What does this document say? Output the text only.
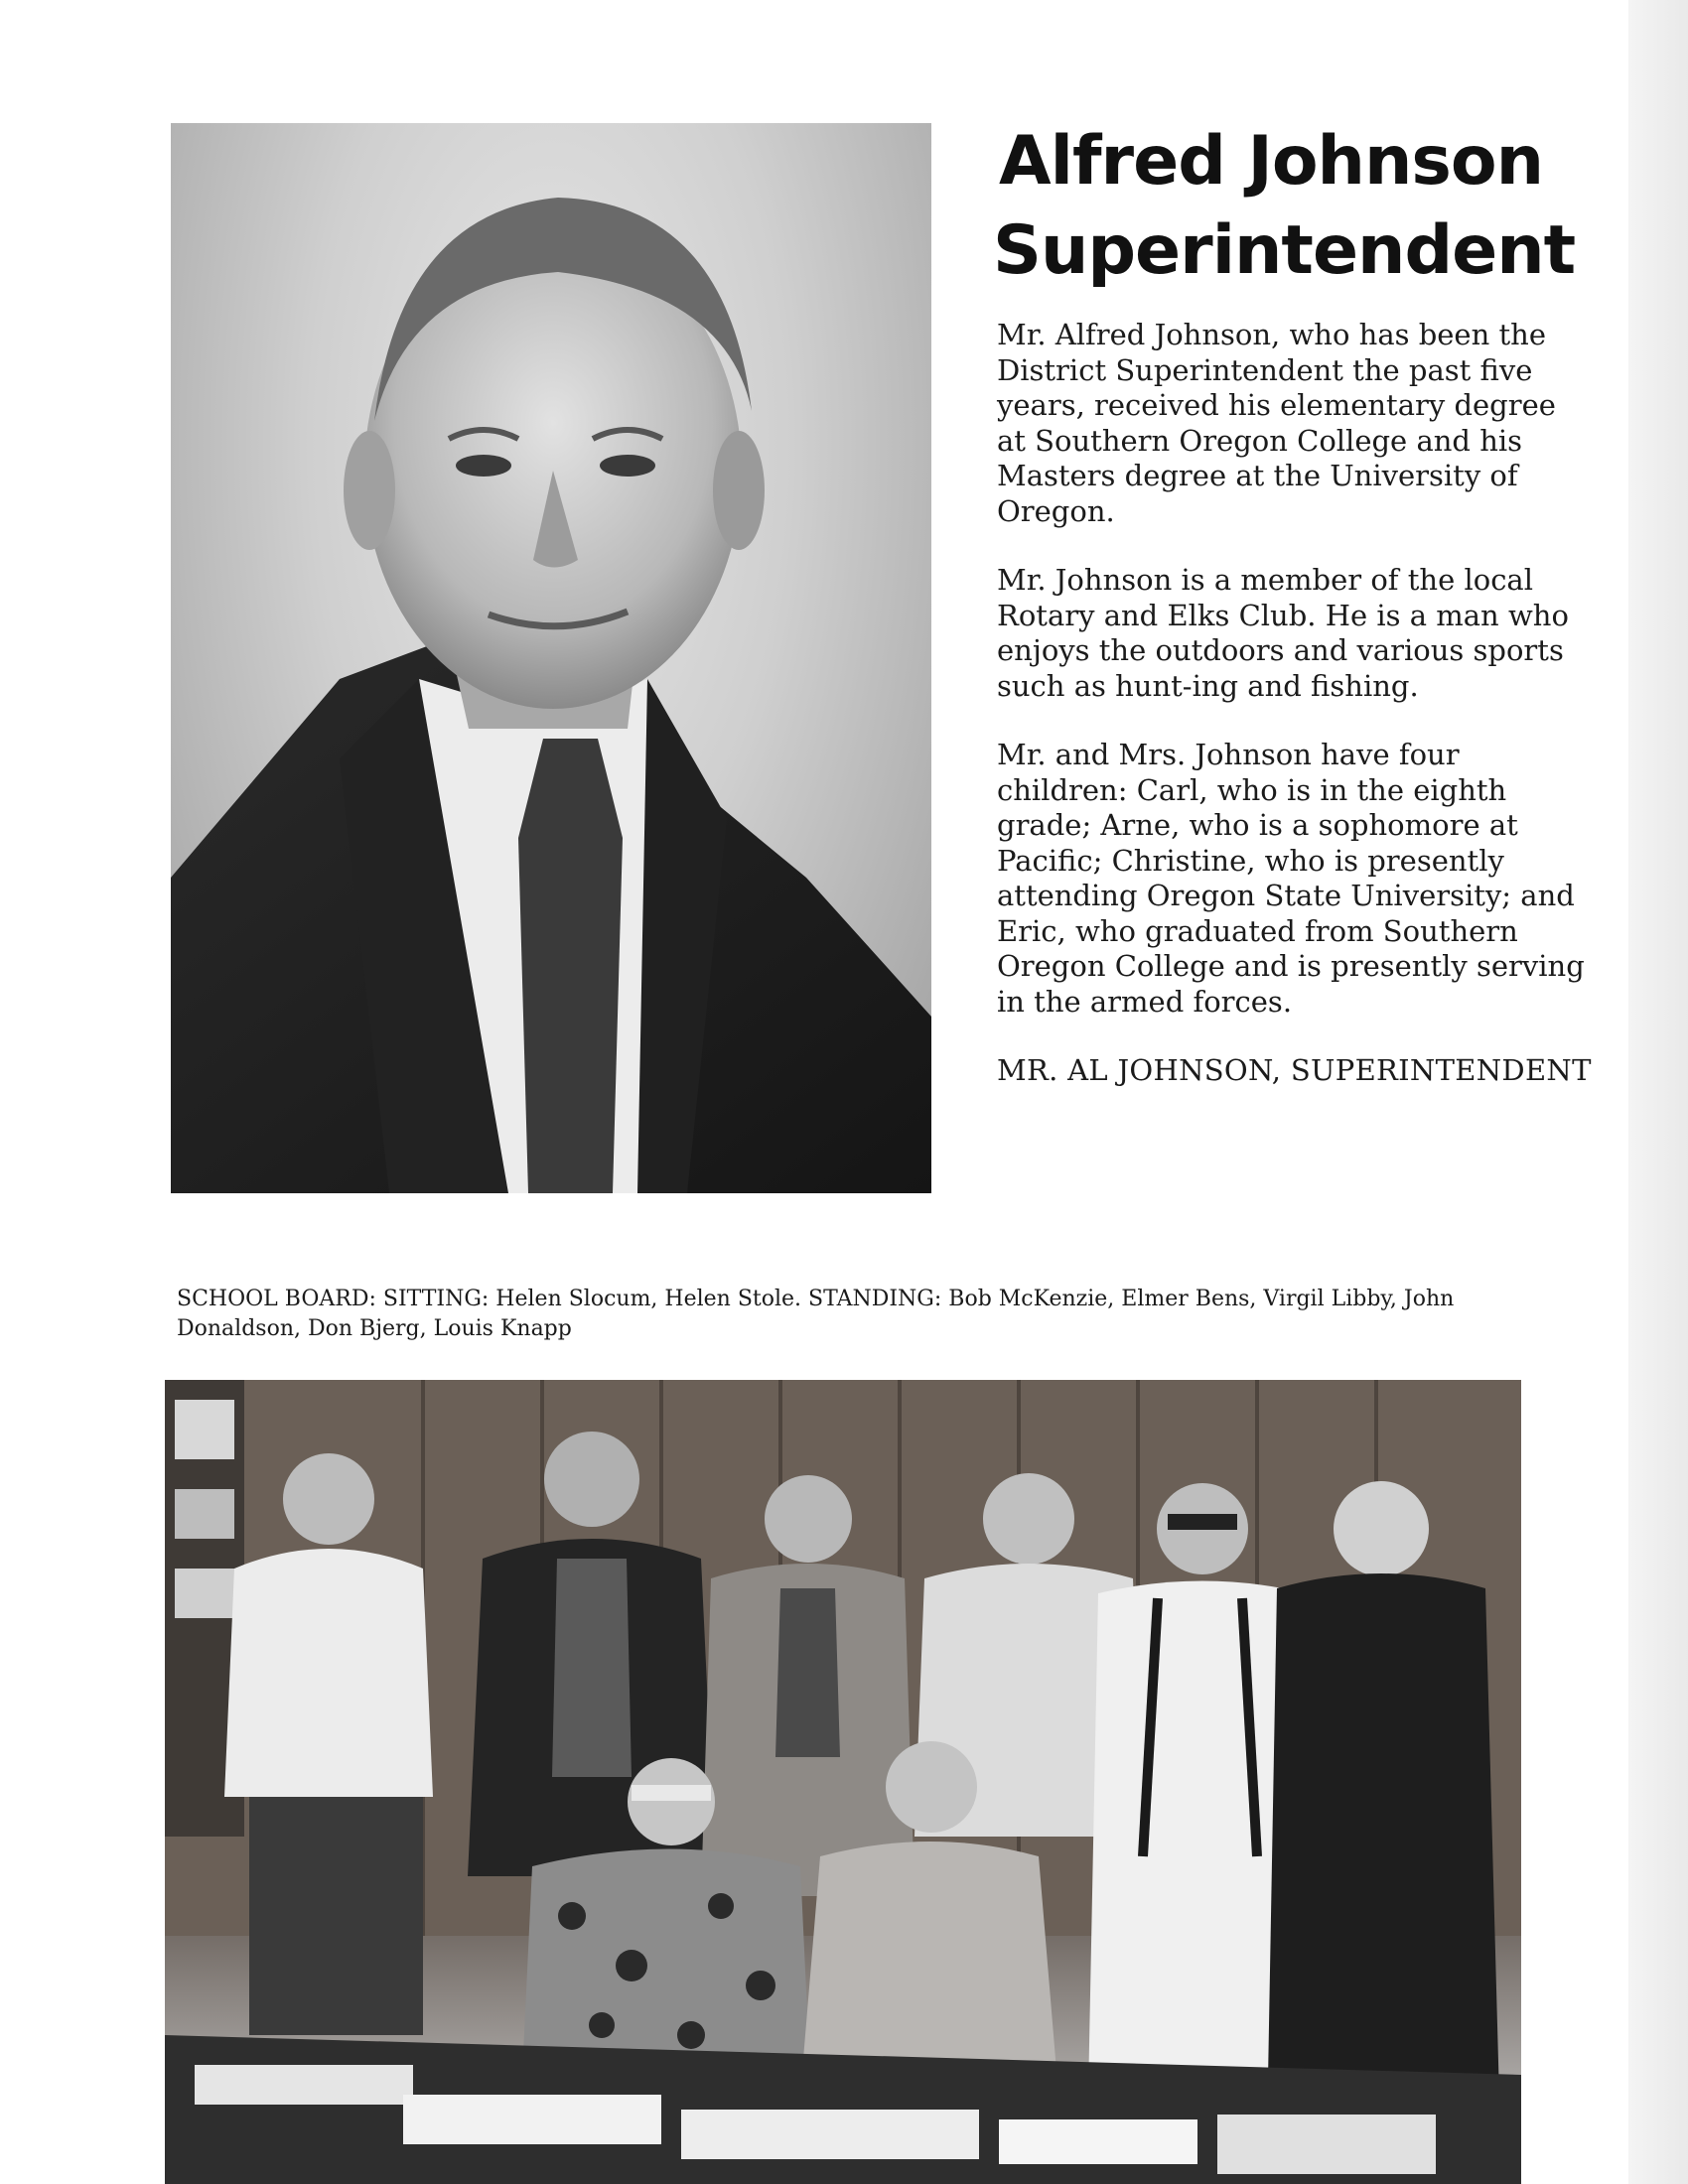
Alfred Johnson
Superintendent

Mr. Alfred Johnson, who has been the District Superintendent the past five years, received his elementary degree at Southern Oregon College and his Masters degree at the University of Oregon.

Mr. Johnson is a member of the local Rotary and Elks Club. He is a man who enjoys the outdoors and various sports such as hunt-ing and fishing.

Mr. and Mrs. Johnson have four children: Carl, who is in the eighth grade; Arne, who is a sophomore at Pacific; Christine, who is presently attending Oregon State University; and Eric, who graduated from Southern Oregon College and is presently serving in the armed forces.

MR. AL JOHNSON, SUPERINTENDENT

SCHOOL BOARD: SITTING: Helen Slocum, Helen Stole. STANDING: Bob McKenzie, Elmer Bens, Virgil Libby, John Donaldson, Don Bjerg, Louis Knapp
